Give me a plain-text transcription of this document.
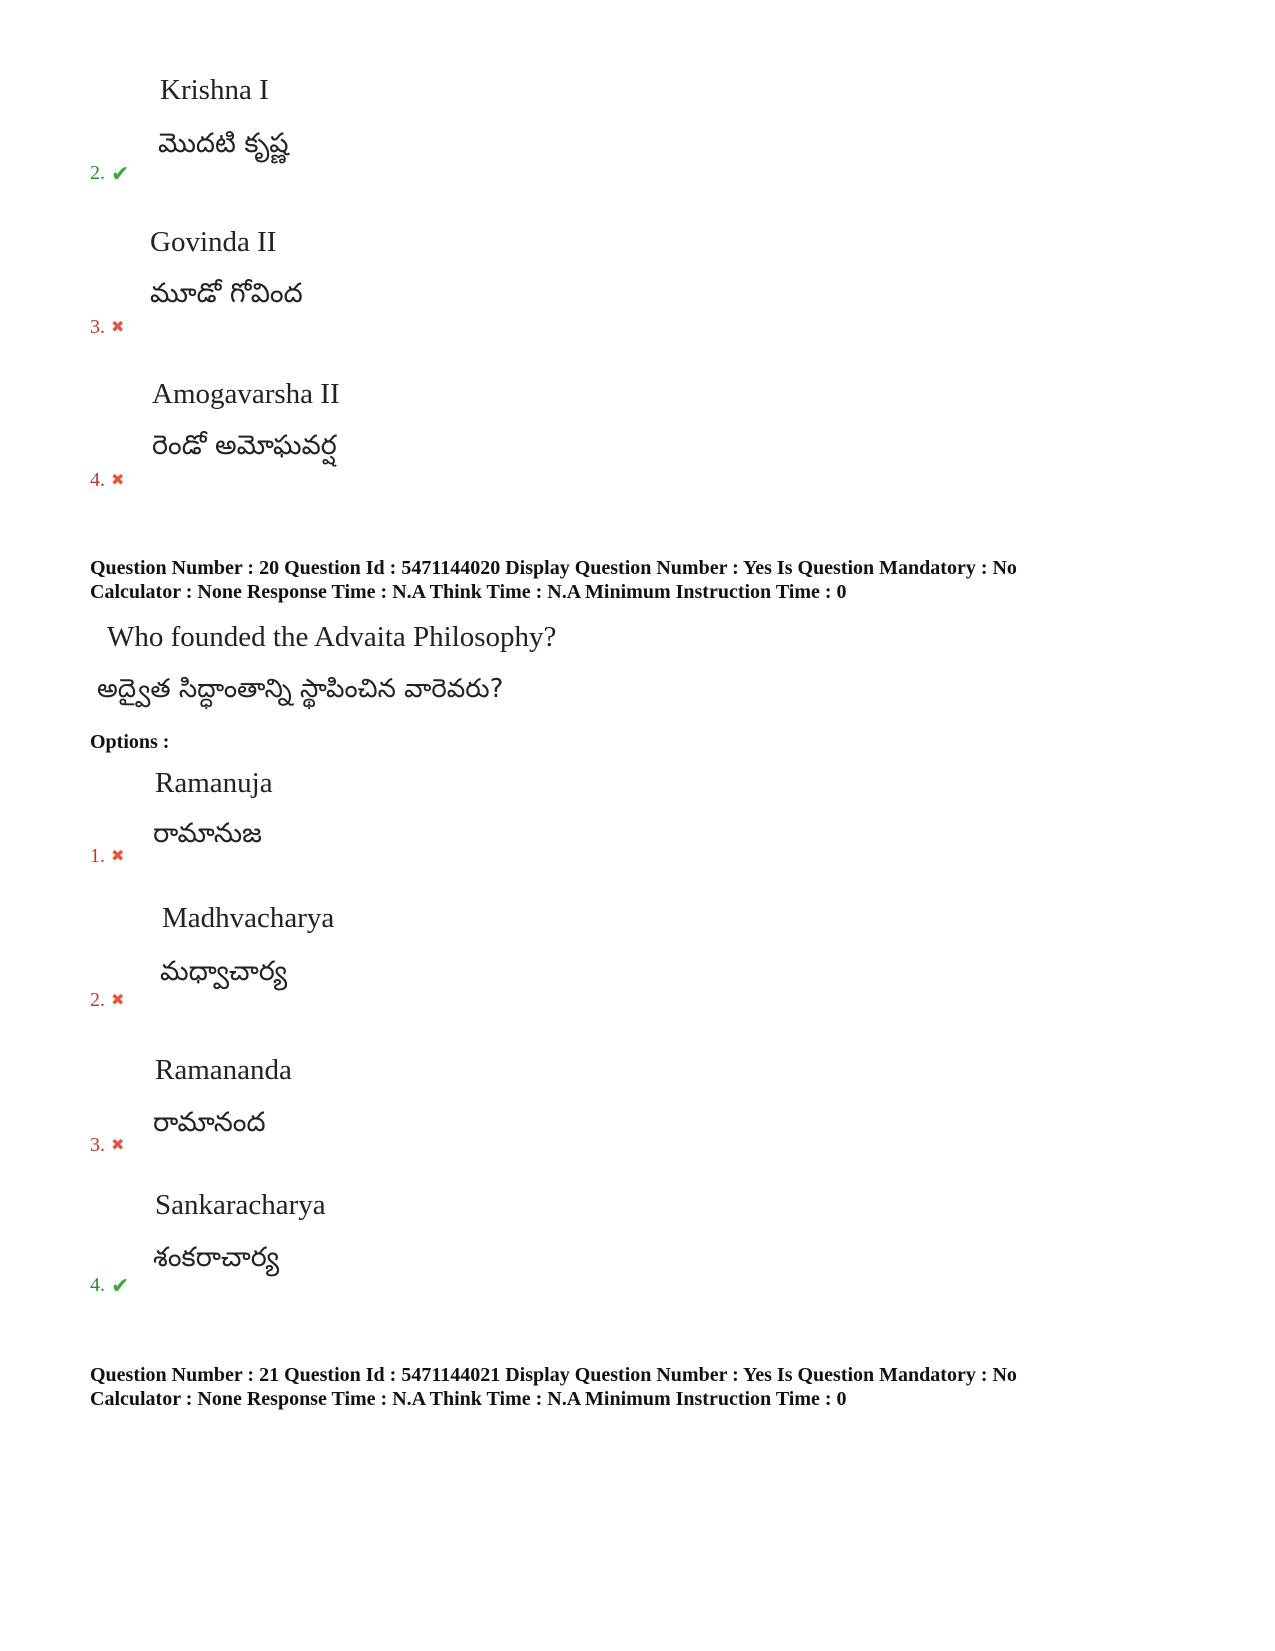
Krishna I
మొదటి కృష్ణ
2. ✔
Govinda II
మూడో గోవింద
3. ✖
Amogavarsha II
రెండో అమోఘవర్ష
4. ✖
Question Number : 20 Question Id : 5471144020 Display Question Number : Yes Is Question Mandatory : No
Calculator : None Response Time : N.A Think Time : N.A Minimum Instruction Time : 0
Who founded the Advaita Philosophy?
అద్వైత సిద్ధాంతాన్ని స్థాపించిన వారెవరు?
Options :
Ramanuja
రామానుజ
1. ✖
Madhvacharya
మధ్వాచార్య
2. ✖
Ramananda
రామానంద
3. ✖
Sankaracharya
శంకరాచార్య
4. ✔
Question Number : 21 Question Id : 5471144021 Display Question Number : Yes Is Question Mandatory : No
Calculator : None Response Time : N.A Think Time : N.A Minimum Instruction Time : 0
